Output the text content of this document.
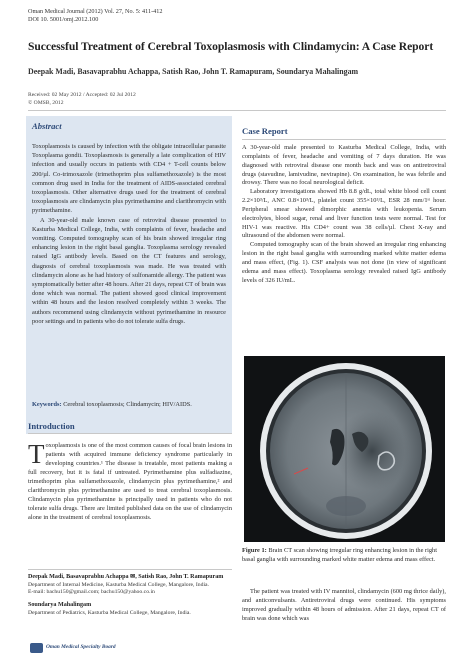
Oman Medical Journal (2012) Vol. 27, No. 5: 411-412
DOI 10. 5001/omj.2012.100
Successful Treatment of Cerebral Toxoplasmosis with Clindamycin: A Case Report
Deepak Madi, Basavaprabhu Achappa, Satish Rao, John T. Ramapuram, Soundarya Mahalingam
Received: 02 May 2012 / Accepted: 02 Jul 2012
© OMSB, 2012
Abstract

Toxoplasmosis is caused by infection with the obligate intracellular parasite Toxoplasma gondii. Toxoplasmosis is generally a late complication of HIV infection and usually occurs in patients with CD4 + T-cell counts below 200/µl. Co-trimoxazole (trimethoprim plus sulfamethoxazole) is the most common drug used in India for the treatment of AIDS-associated cerebral toxoplasmosis. Other alternative drugs used for the treatment of cerebral toxoplasmosis are clindamycin plus pyrimethamine and clarithromycin with pyrimethamine.

A 30-year-old male known case of retroviral disease presented to Kasturba Medical College, India, with complaints of fever, headache and vomiting. Computed tomography scan of his brain showed irregular ring enhancing lesion in the right basal ganglia. Toxoplasma serology revealed raised IgG antibody levels. Based on the CT features and serology, diagnosis of cerebral toxoplasmosis was made. He was treated with clindamycin alone as he had history of sulfonamide allergy. The patient was symptomatically better after 48 hours. After 21 days, repeat CT of brain was done which was normal. The patient showed good clinical improvement within 48 hours and the lesion resolved completely within 3 weeks. The authors recommend using clindamycin without pyrimethamine in resource poor settings and in patients who do not tolerate sulfa drugs.

Keywords: Cerebral toxoplasmosis; Clindamycin; HIV/AIDS.
Introduction
T oxoplasmosis is one of the most common causes of focal brain lesions in patients with acquired immune deficiency syndrome particularly in developing countries.¹ The disease is treatable, most patients making a full recovery, but it is fatal if untreated. Pyrimethamine plus sulfadiazine, trimethoprim plus sulfamethoxazole, clindamycin plus pyrimethamine,² and clarithromycin plus pyrimethamine are used to treat cerebral toxoplasmosis. Clindamycin plus pyrimethamine is principally used in patients who do not tolerate sulfa drugs. There are limited published data on the use of clindamycin alone in the treatment of cerebral toxoplasmosis.
Deepak Madi, Basavaprabhu Achappa ✉, Satish Rao, John T. Ramapuram
Department of Internal Medicine, Kasturba Medical College, Mangalore, India.
E-mail: bachu150@gmail.com; bachu150@yahoo.co.in
Soundarya Mahalingam
Department of Pediatrics, Kasturba Medical College, Mangalore, India.
Oman Medical Specialty Board
Case Report

A 30-year-old male presented to Kasturba Medical College, India, with complaints of fever, headache and vomiting of 7 days duration. He was diagnosed with retroviral disease one month back and was on antiretroviral drugs (stavudine, lamivudine, nevirapine). On examination, he was febrile and drowsy. There was no focal neurological deficit.

Laboratory investigations showed Hb 8.8 g/dL, total white blood cell count 2.2×10³/L, ANC 0.8×10³/L, platelet count 355×10³/L, ESR 28 mm/1ˢᵗ hour. Peripheral smear showed dimorphic anemia with leukopenia. Serum electrolytes, blood sugar, renal and liver function tests were normal. Test for HIV-1 was reactive. His CD4+ count was 38 cells/µl. Chest X-ray and ultrasound of the abdomen were normal.

Computed tomography scan of the brain showed an irregular ring enhancing lesion in the right basal ganglia with surrounding marked white matter edema and mass effect, (Fig. 1). CSF analysis was not done (in view of significant edema and mass effect). Toxoplasma serology revealed raised IgG antibody levels of 326 IU/mL.

Figure 1: Brain CT scan showing irregular ring enhancing lesion in the right basal ganglia with surrounding marked white matter edema and mass effect.
The patient was treated with IV mannitol, clindamycin (600 mg thrice daily), and anticonvulsants. Antiretroviral drugs were continued. His symptoms improved gradually within 48 hours of admission. After 21 days, repeat CT of brain was done which was
